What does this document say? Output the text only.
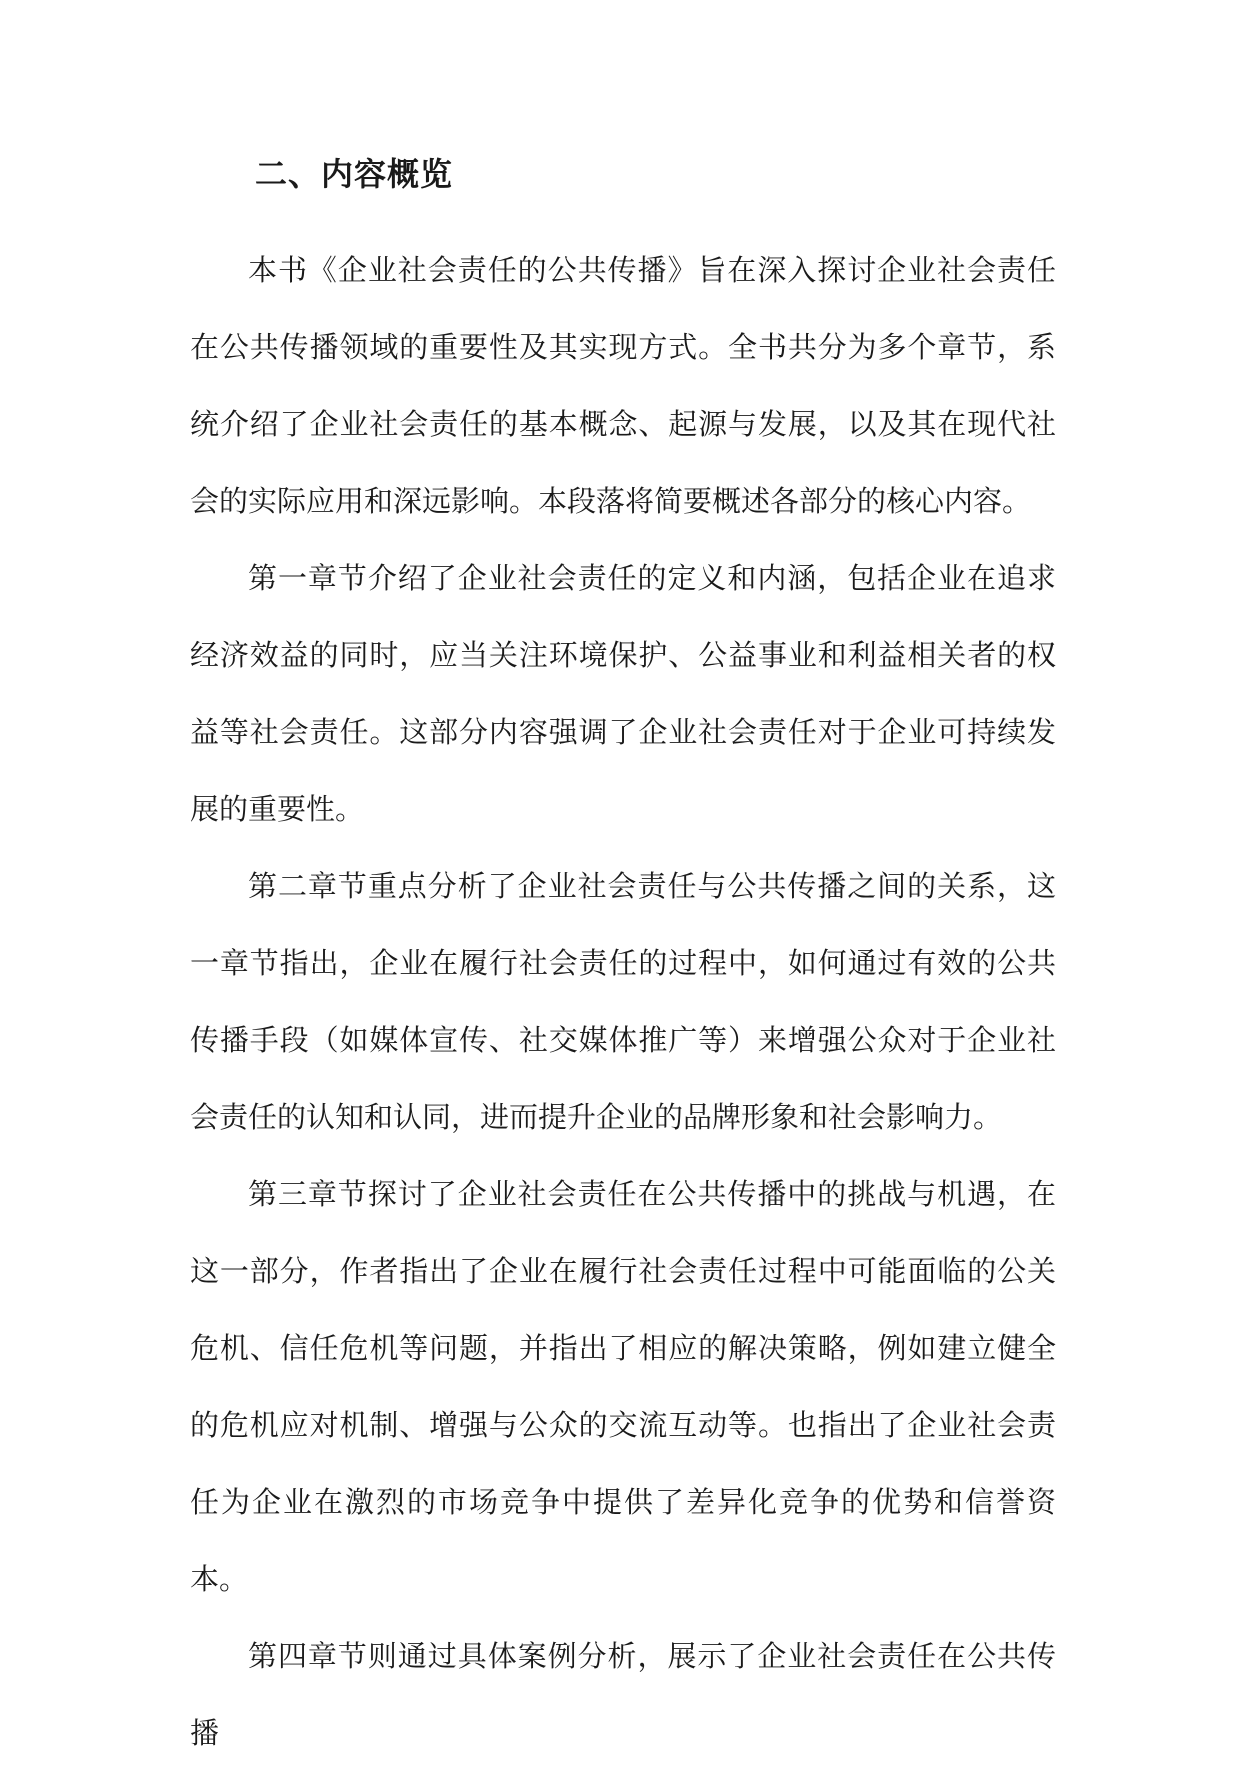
二、内容概览

本书《企业社会责任的公共传播》旨在深入探讨企业社会责任在公共传播领域的重要性及其实现方式。全书共分为多个章节，系统介绍了企业社会责任的基本概念、起源与发展，以及其在现代社会的实际应用和深远影响。本段落将简要概述各部分的核心内容。

第一章节介绍了企业社会责任的定义和内涵，包括企业在追求经济效益的同时，应当关注环境保护、公益事业和利益相关者的权益等社会责任。这部分内容强调了企业社会责任对于企业可持续发展的重要性。

第二章节重点分析了企业社会责任与公共传播之间的关系，这一章节指出，企业在履行社会责任的过程中，如何通过有效的公共传播手段（如媒体宣传、社交媒体推广等）来增强公众对于企业社会责任的认知和认同，进而提升企业的品牌形象和社会影响力。

第三章节探讨了企业社会责任在公共传播中的挑战与机遇，在这一部分，作者指出了企业在履行社会责任过程中可能面临的公关危机、信任危机等问题，并指出了相应的解决策略，例如建立健全的危机应对机制、增强与公众的交流互动等。也指出了企业社会责任为企业在激烈的市场竞争中提供了差异化竞争的优势和信誉资本。

第四章节则通过具体案例分析，展示了企业社会责任在公共传播
